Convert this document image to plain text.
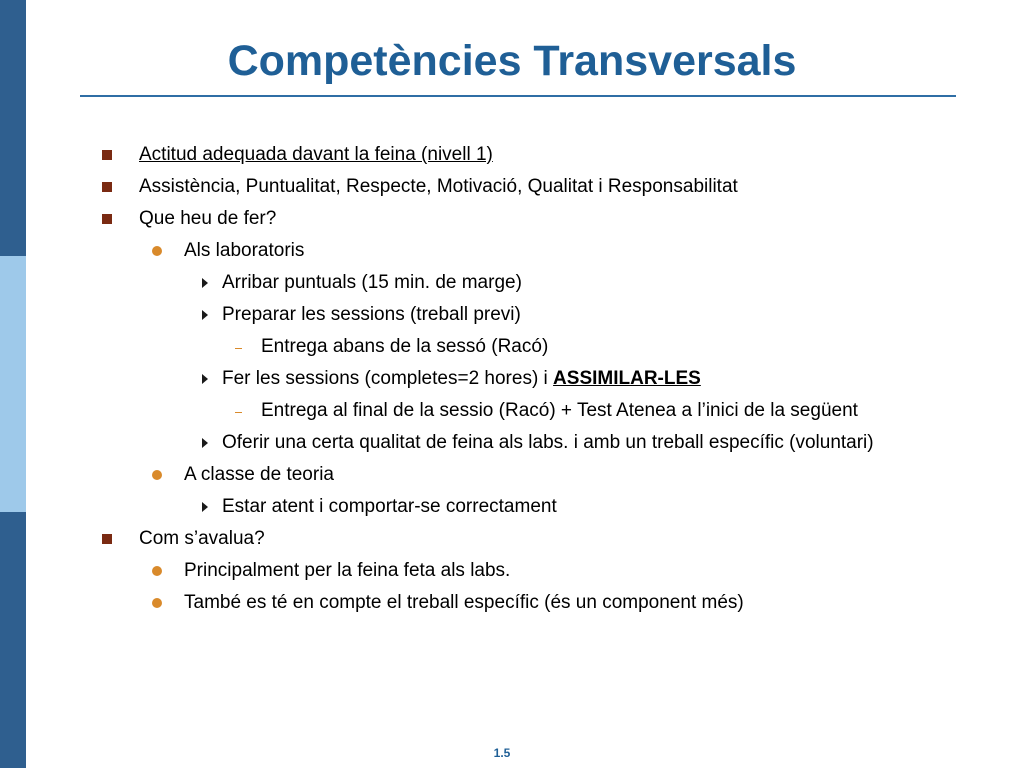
Competències Transversals
Actitud adequada davant la feina (nivell 1)
Assistència, Puntualitat, Respecte, Motivació, Qualitat i Responsabilitat
Que heu de fer?
Als laboratoris
Arribar puntuals (15 min. de marge)
Preparar les sessions (treball previ)
Entrega abans de la sessó (Racó)
Fer les sessions (completes=2 hores) i ASSIMILAR-LES
Entrega al final de la sessio (Racó) + Test Atenea a l’inici de la següent
Oferir una certa qualitat de feina als labs. i amb un treball específic (voluntari)
A classe de teoria
Estar atent i comportar-se correctament
Com s’avalua?
Principalment per la feina feta als labs.
També es té en compte el treball específic (és un component més)
1.5
